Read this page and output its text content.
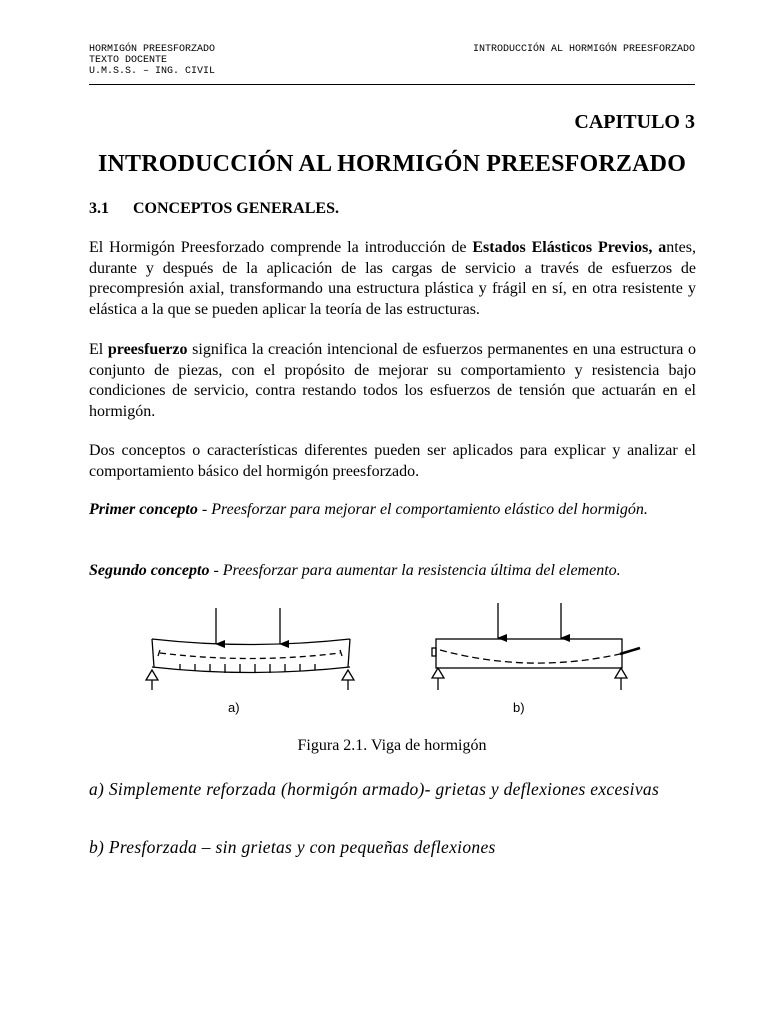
HORMIGÓN PREESFORZADO
TEXTO DOCENTE
U.M.S.S. – ING. CIVIL
INTRODUCCIÓN AL HORMIGÓN PREESFORZADO
CAPITULO 3
INTRODUCCIÓN AL HORMIGÓN PREESFORZADO
3.1 CONCEPTOS GENERALES.
El Hormigón Preesforzado comprende la introducción de Estados Elásticos Previos, antes, durante y después de la aplicación de las cargas de servicio a través de esfuerzos de precompresión axial, transformando una estructura plástica y frágil en sí, en otra resistente y elástica a la que se pueden aplicar la teoría de las estructuras.
El preesfuerzo significa la creación intencional de esfuerzos permanentes en una estructura o conjunto de piezas, con el propósito de mejorar su comportamiento y resistencia bajo condiciones de servicio, contra restando todos los esfuerzos de tensión que actuarán en el hormigón.
Dos conceptos o características diferentes pueden ser aplicados para explicar y analizar el comportamiento básico del hormigón preesforzado.
Primer concepto - Preesforzar para mejorar el comportamiento elástico del hormigón.
Segundo concepto - Preesforzar para aumentar la resistencia última del elemento.
a)	b)
Figura 2.1. Viga de hormigón
a) Simplemente reforzada (hormigón armado)- grietas y deflexiones excesivas
b) Presforzada – sin grietas y con pequeñas deflexiones
